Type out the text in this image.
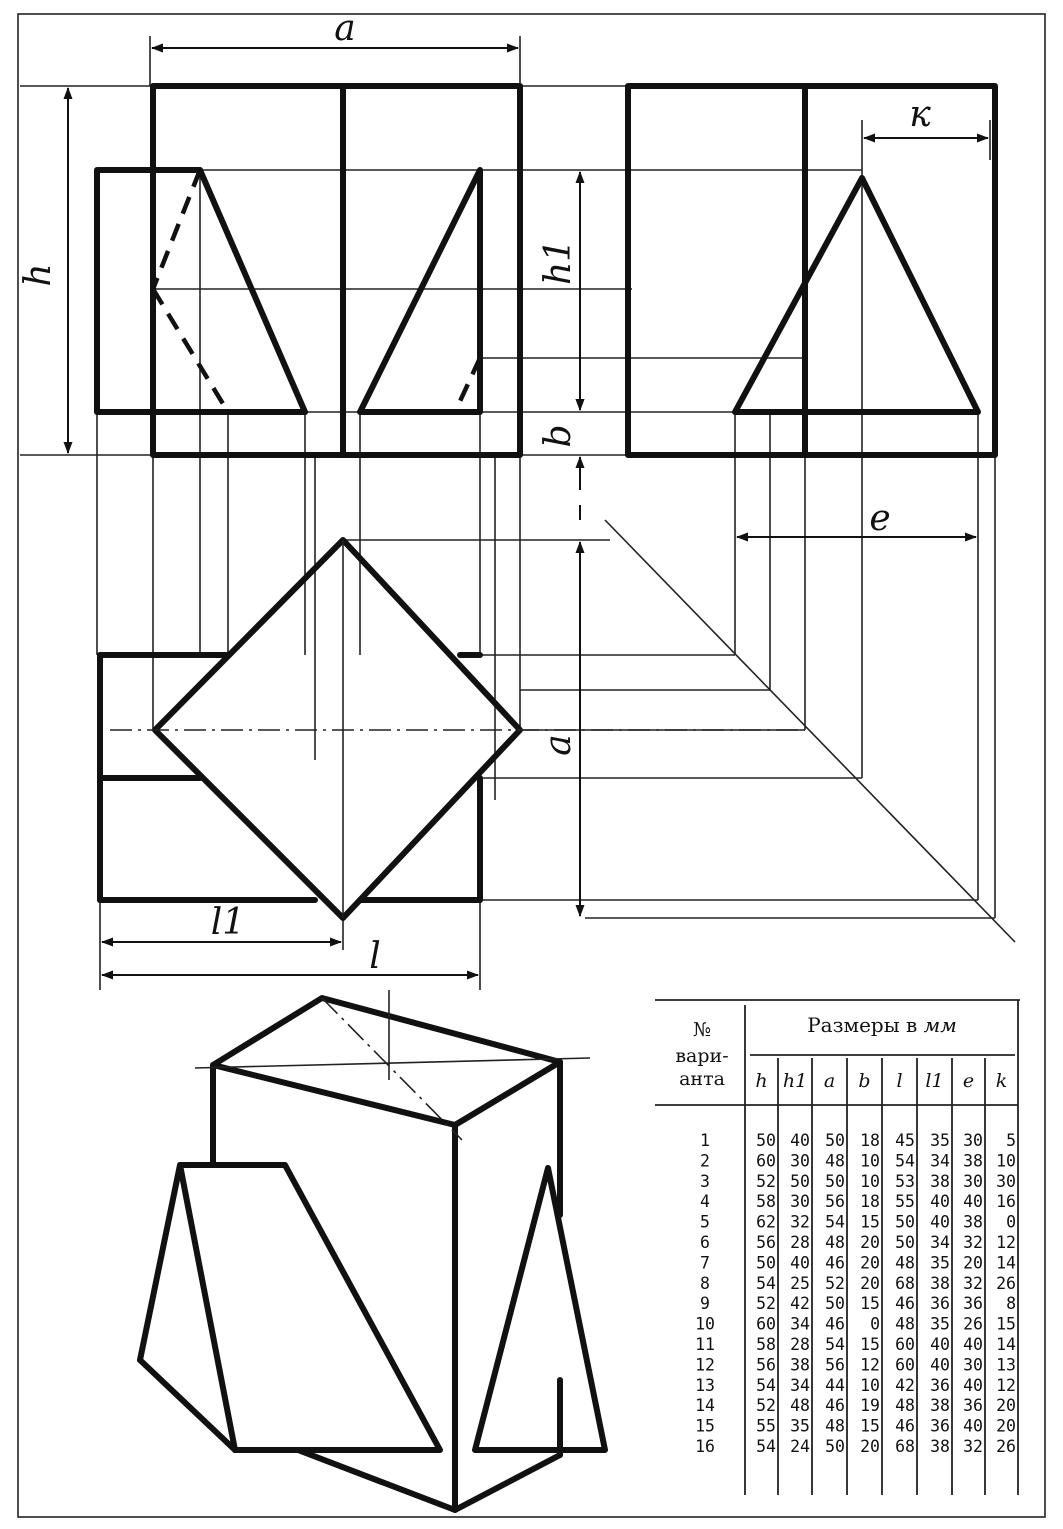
a
h	h1
b
к
e
a
l1
l
№
вари-
анта
Размеры в мм
h h1 a b l l1 e k
1	50 40 50 18 45 35 30 5
2	60 30 48 10 54 34 38 10
3	52 50 50 10 53 38 30 30
4	58 30 56 18 55 40 40 16
5	62 32 54 15 50 40 38 0
6	56 28 48 20 50 34 32 12
7	50 40 46 20 48 35 20 14
8	54 25 52 20 68 38 32 26
9	52 42 50 15 46 36 36 8
10 60 34 46 0 48 35 26 15
11 58 28 54 15 60 40 40 14
12 56 38 56 12 60 40 30 13
13 54 34 44 10 42 36 40 12
14 52 48 46 19 48 38 36 20
15 55 35 48 15 46 36 40 20
16 54 24 50 20 68 38 32 26
